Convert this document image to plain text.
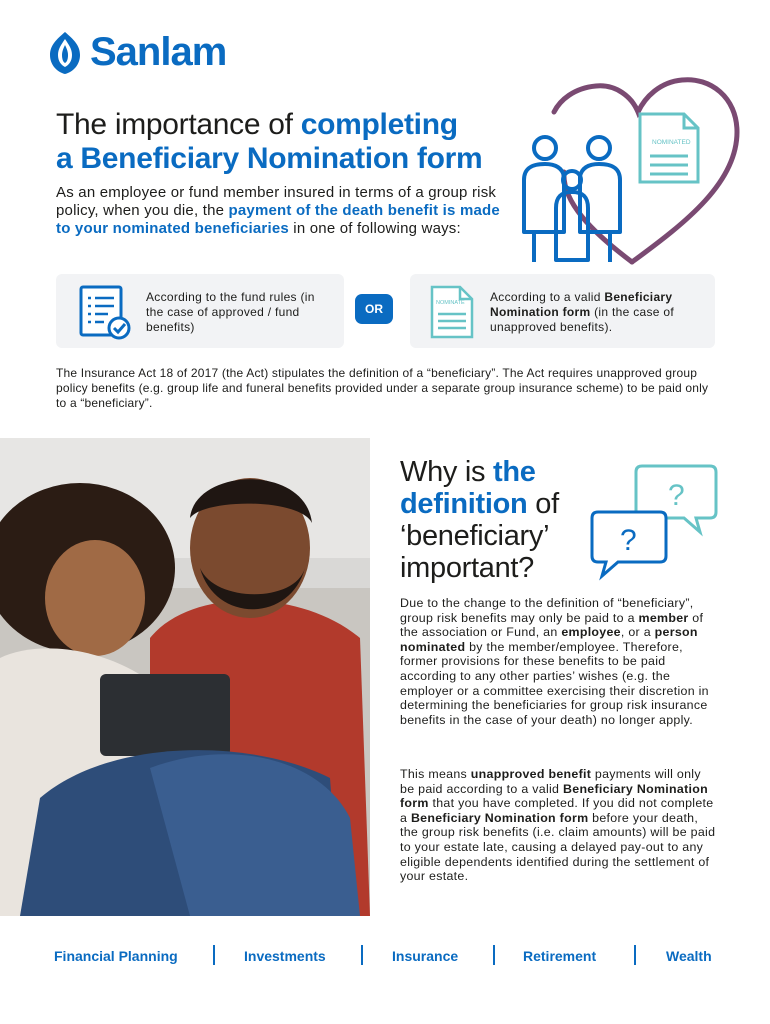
Sanlam
The importance of completing
a Beneficiary Nomination form	NOMINATED
As an employee or fund member insured in terms of a group risk policy, when you die, the payment of the death benefit is made to your nominated beneficiaries in one of following ways:
According to the fund rules (in the case of approved / fund benefits)
OR	NOMINATE According to a valid Beneficiary Nomination form (in the case of unapproved benefits).
The Insurance Act 18 of 2017 (the Act) stipulates the definition of a “beneficiary”. The Act requires unapproved group policy benefits (e.g. group life and funeral benefits provided under a separate group insurance scheme) to be paid only to a “beneficiary”.
Why is the definition of ‘beneficiary’ important?
?
?
Due to the change to the definition of “beneficiary”, group risk benefits may only be paid to a member of the association or Fund, an employee, or a person nominated by the member/employee. Therefore, former provisions for these benefits to be paid according to any other parties’ wishes (e.g. the employer or a committee exercising their discretion in determining the beneficiaries for group risk insurance benefits in the case of your death) no longer apply.
This means unapproved benefit payments will only be paid according to a valid Beneficiary Nomination form that you have completed. If you did not complete a Beneficiary Nomination form before your death, the group risk benefits (i.e. claim amounts) will be paid to your estate late, causing a delayed pay-out to any eligible dependents identified during the settlement of your estate.
Financial Planning	Investments	Insurance	Retirement	Wealth
